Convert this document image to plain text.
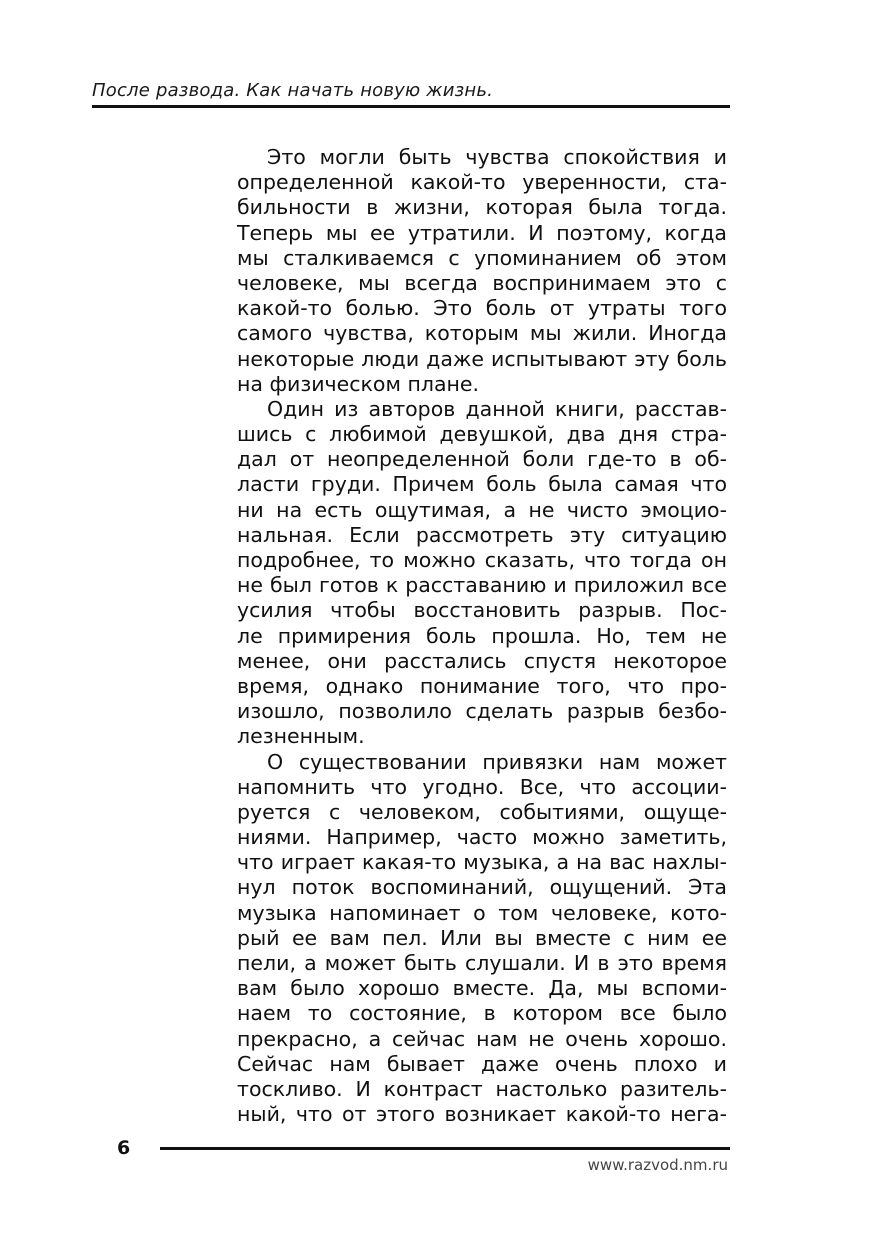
После развода. Как начать новую жизнь.
Это могли быть чувства спокойствия и
определенной какой-то уверенности, ста-
бильности в жизни, которая была тогда.
Теперь мы ее утратили. И поэтому, когда
мы сталкиваемся с упоминанием об этом
человеке, мы всегда воспринимаем это с
какой-то болью. Это боль от утраты того
самого чувства, которым мы жили. Иногда
некоторые люди даже испытывают эту боль
на физическом плане.
Один из авторов данной книги, расстав-
шись с любимой девушкой, два дня стра-
дал от неопределенной боли где-то в об-
ласти груди. Причем боль была самая что
ни на есть ощутимая, а не чисто эмоцио-
нальная. Если рассмотреть эту ситуацию
подробнее, то можно сказать, что тогда он
не был готов к расставанию и приложил все
усилия чтобы восстановить разрыв. Пос-
ле примирения боль прошла. Но, тем не
менее, они расстались спустя некоторое
время, однако понимание того, что про-
изошло, позволило сделать разрыв безбо-
лезненным.
О существовании привязки нам может
напомнить что угодно. Все, что ассоции-
руется с человеком, событиями, ощуще-
ниями. Например, часто можно заметить,
что играет какая-то музыка, а на вас нахлы-
нул поток воспоминаний, ощущений. Эта
музыка напоминает о том человеке, кото-
рый ее вам пел. Или вы вместе с ним ее
пели, а может быть слушали. И в это время
вам было хорошо вместе. Да, мы вспоми-
наем то состояние, в котором все было
прекрасно, а сейчас нам не очень хорошо.
Сейчас нам бывает даже очень плохо и
тоскливо. И контраст настолько разитель-
ный, что от этого возникает какой-то нега-
6
www.razvod.nm.ru
